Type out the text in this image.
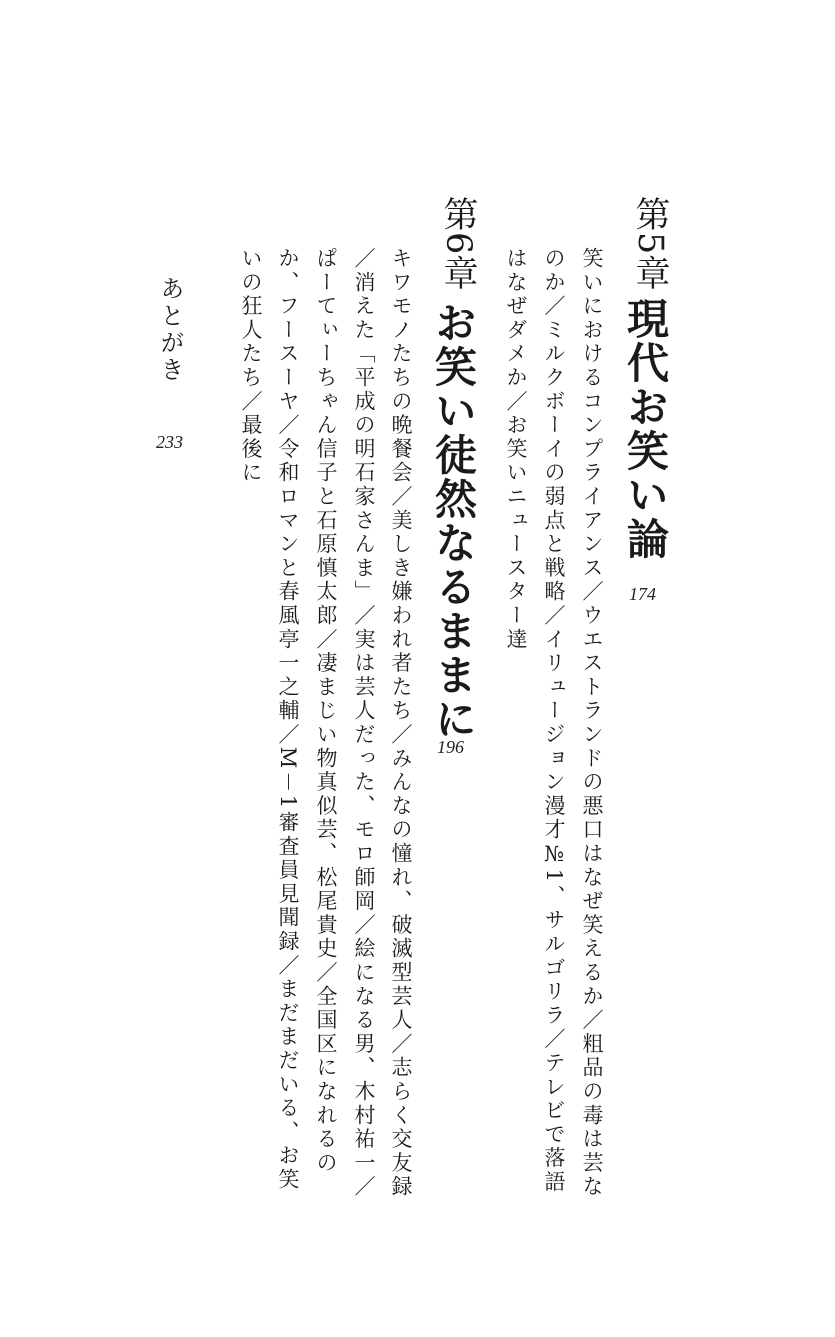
第5章
現代お笑い論
174
笑いにおけるコンプライアンス／ウエストランドの悪口はなぜ笑えるか／粗品の毒は芸な
のか／ミルクボーイの弱点と戦略／イリュージョン漫才№1、サルゴリラ／テレビで落語
はなぜダメか／お笑いニュースター達
第6章
お笑い徒然なるままに
196
キワモノたちの晩餐会／美しき嫌われ者たち／みんなの憧れ、破滅型芸人／志らく交友録
／消えた「平成の明石家さんま」／実は芸人だった、モロ師岡／絵になる男、木村祐一／
ぱーてぃーちゃん信子と石原慎太郎／凄まじい物真似芸、松尾貴史／全国区になれるの
か、フースーヤ／令和ロマンと春風亭一之輔／M－1審査員見聞録／まだまだいる、お笑
いの狂人たち／最後に
あとがき
233
